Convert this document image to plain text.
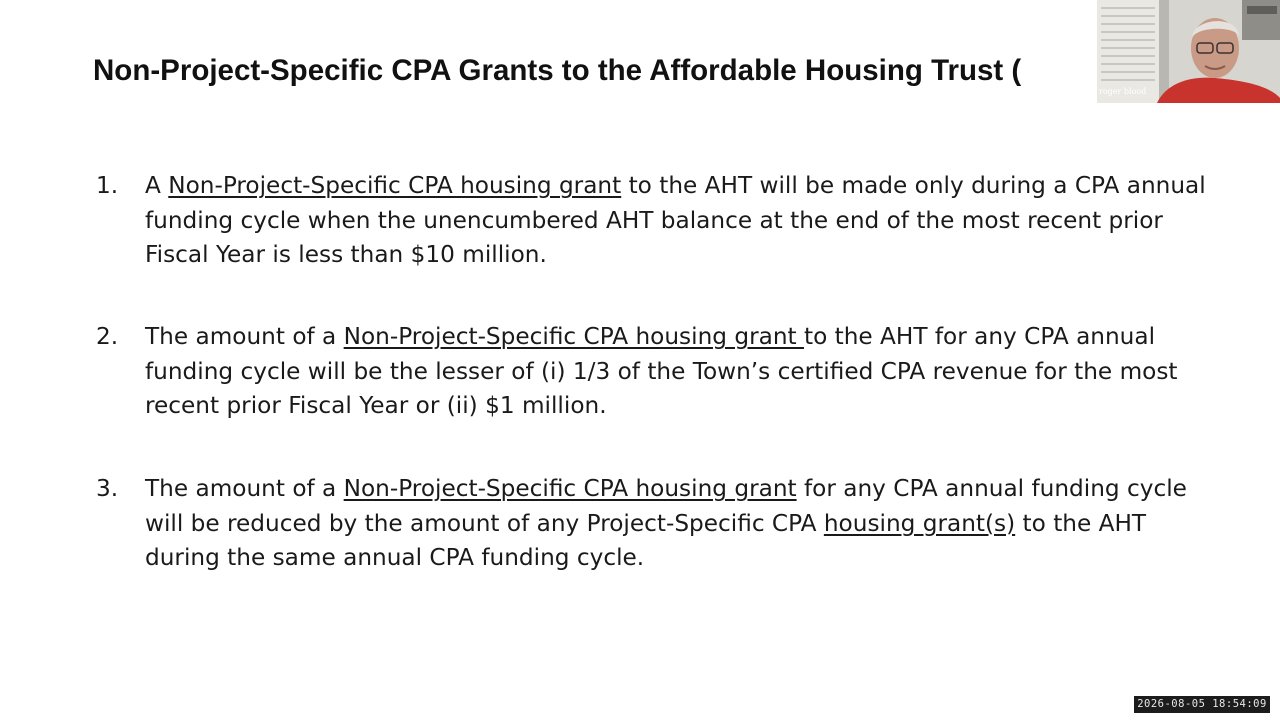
Non-Project-Specific CPA Grants to the Affordable Housing Trust (
1.	A Non-Project-Specific CPA housing grant to the AHT will be made only during a CPA annual funding cycle when the unencumbered AHT balance at the end of the most recent prior Fiscal Year is less than $10 million.
2.	The amount of a Non-Project-Specific CPA housing grant to the AHT for any CPA annual funding cycle will be the lesser of (i) 1/3 of the Town’s certified CPA revenue for the most recent prior Fiscal Year or (ii) $1 million.
3.	The amount of a Non-Project-Specific CPA housing grant for any CPA annual funding cycle will be reduced by the amount of any Project-Specific CPA housing grant(s) to the AHT during the same annual CPA funding cycle.
roger blood
2026-08-05 18:54:09
